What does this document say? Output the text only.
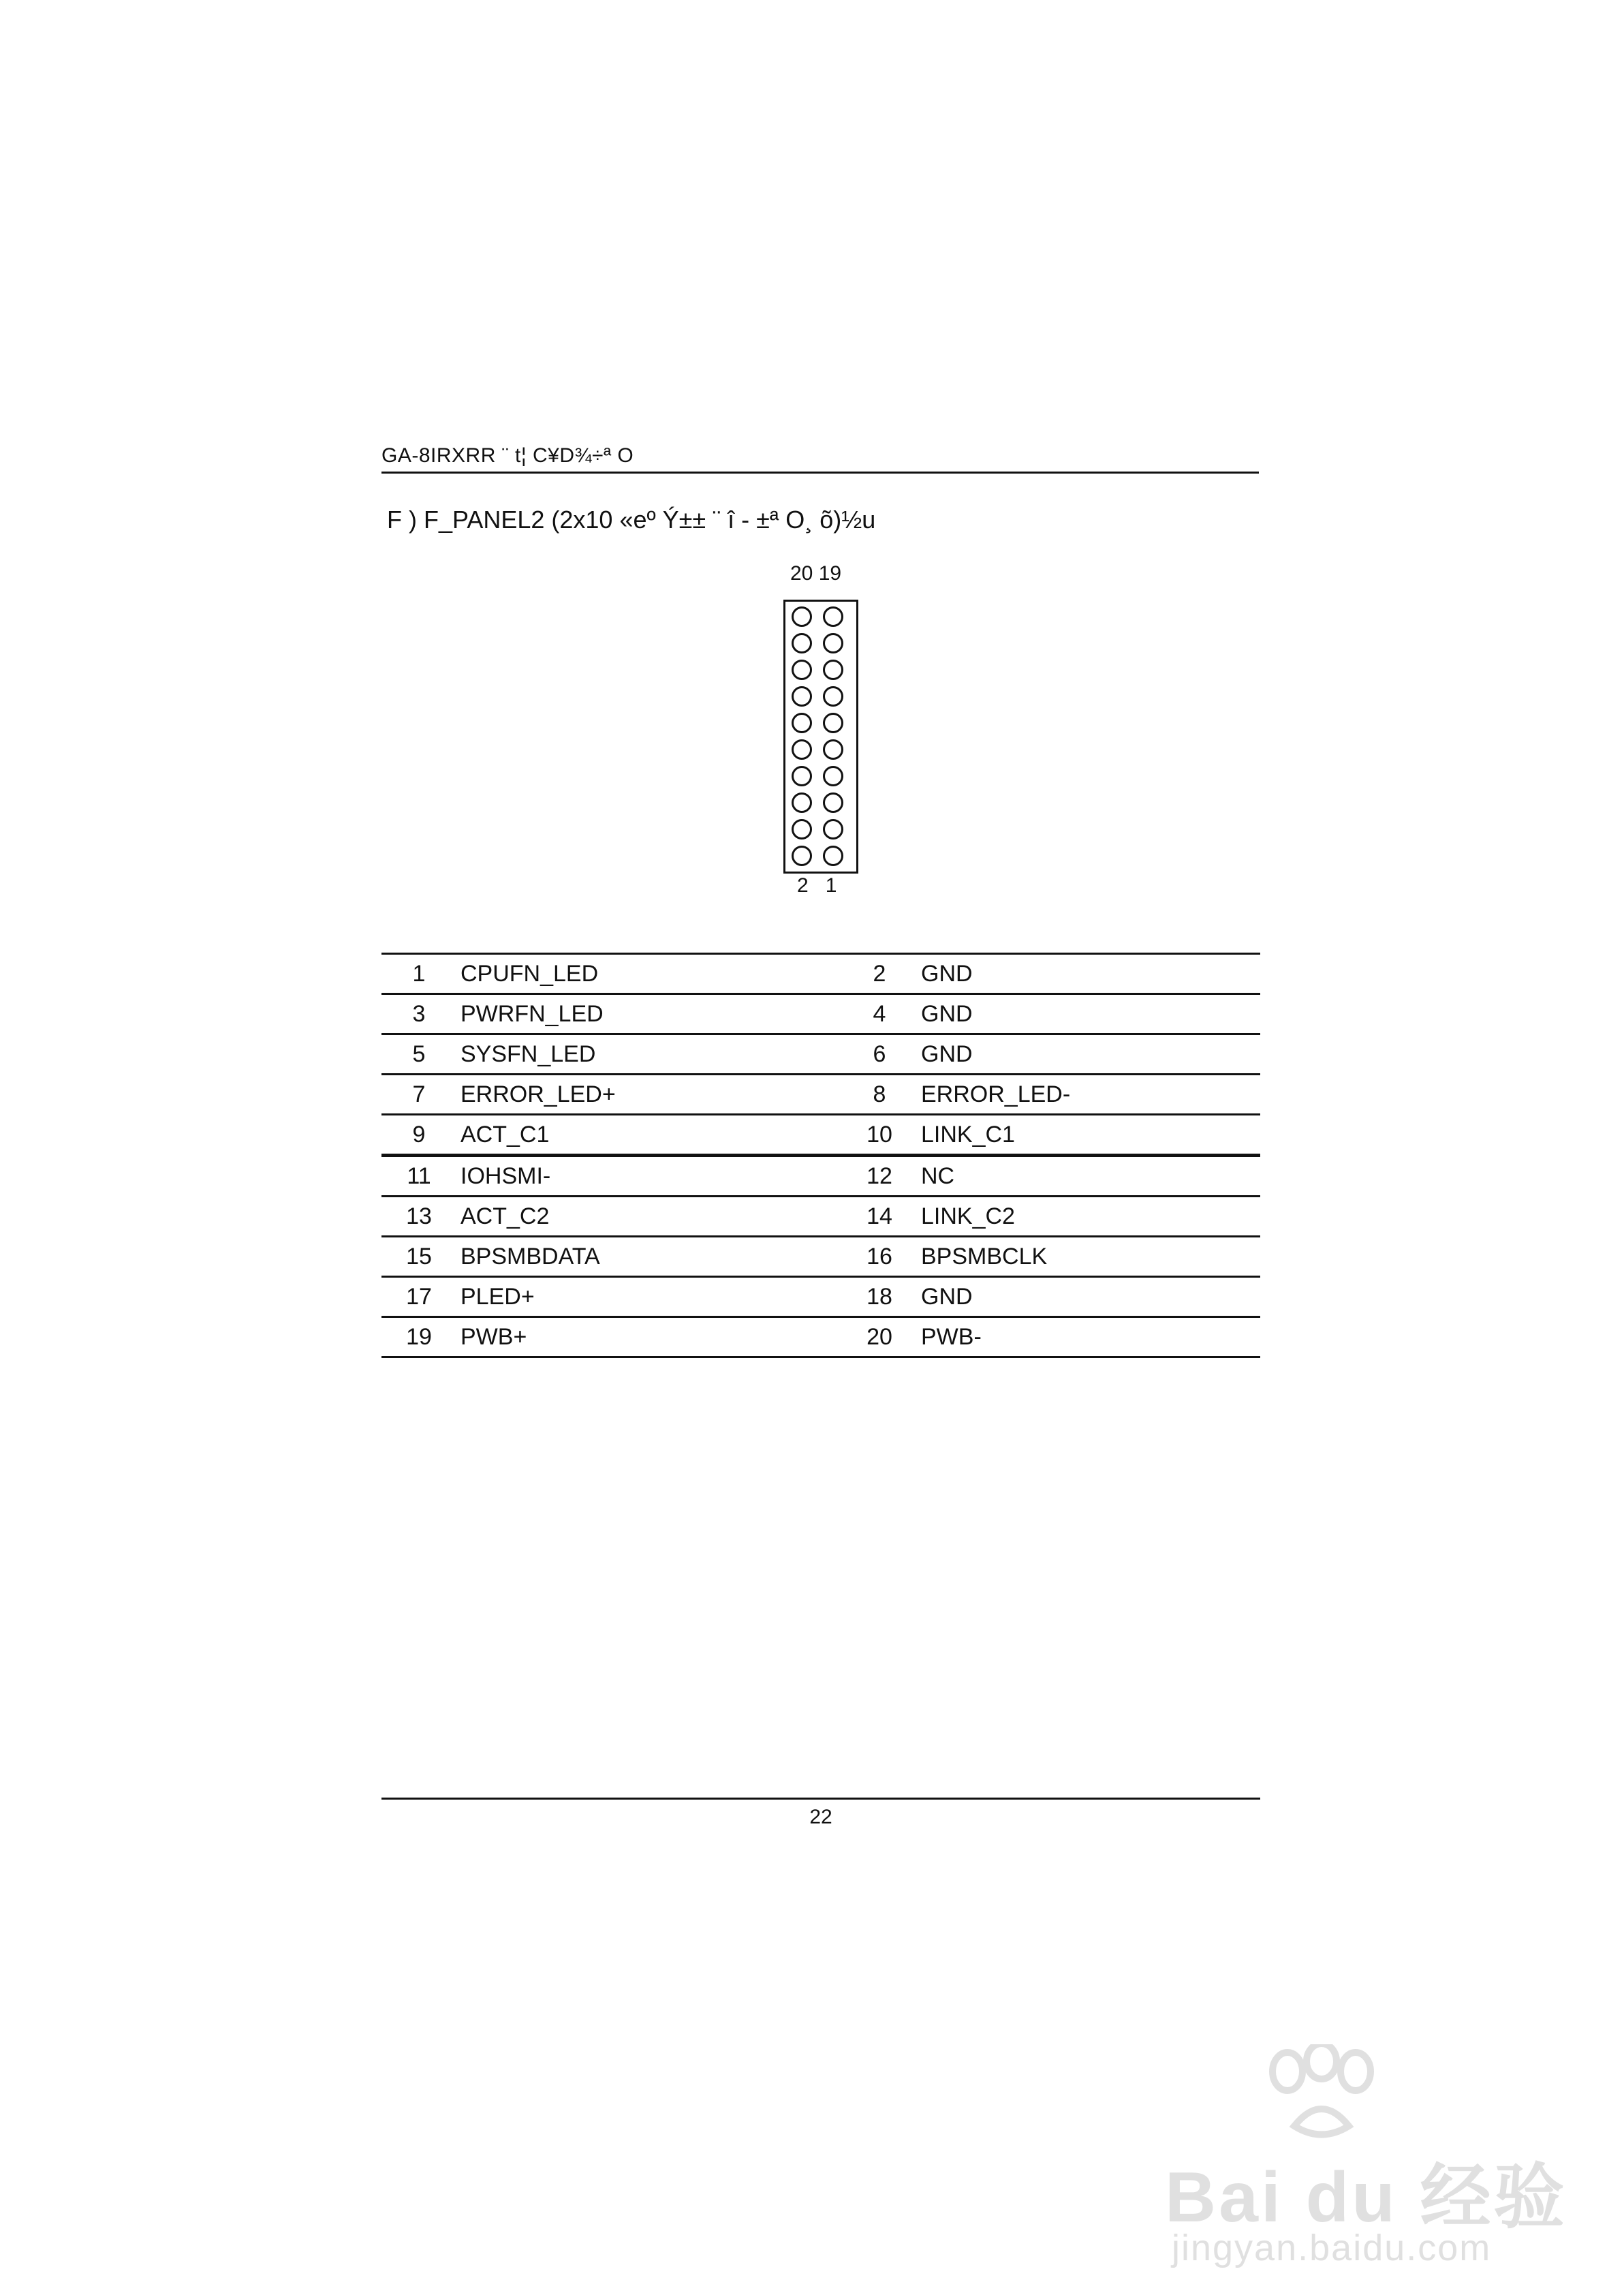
GA-8IRXRR ¨ t¦ C¥D¾÷ª O
F ) F_PANEL2 (2x10 «eº Ý±± ¨ î - ±ª O¸ õ)½u
20 19
2   1
1	CPUFN_LED	2	GND
3	PWRFN_LED	4	GND
5	SYSFN_LED	6	GND
7	ERROR_LED+	8	ERROR_LED-
9	ACT_C1	10	LINK_C1
11	IOHSMI-	12	NC
13	ACT_C2	14	LINK_C2
15	BPSMBDATA	16	BPSMBCLK
17	PLED+	18	GND
19	PWB+	20	PWB-
22
Bai du 经验
jingyan.baidu.com
